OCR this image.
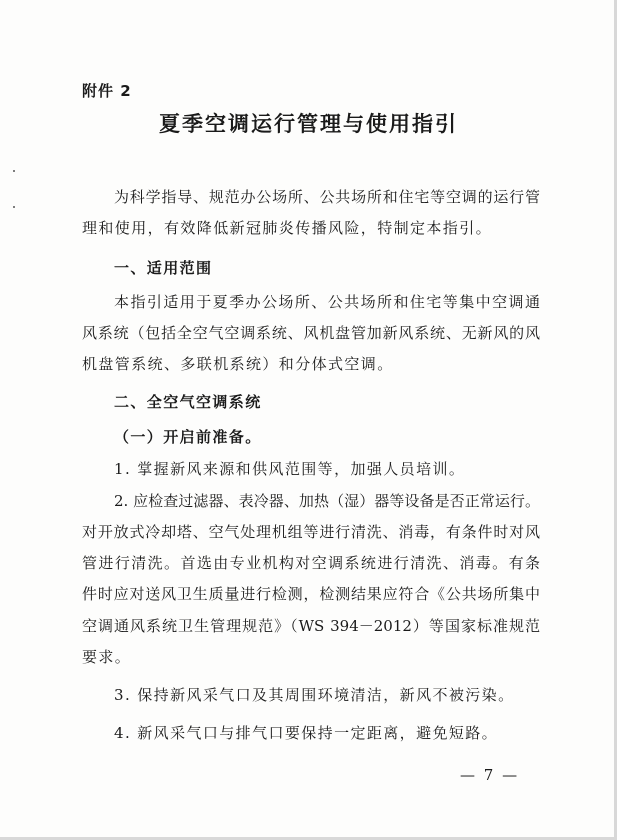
附件 2
夏季空调运行管理与使用指引
为科学指导、规范办公场所、公共场所和住宅等空调的运行管
理和使用，有效降低新冠肺炎传播风险，特制定本指引。
一、适用范围
本指引适用于夏季办公场所、公共场所和住宅等集中空调通
风系统（包括全空气空调系统、风机盘管加新风系统、无新风的风
机盘管系统、多联机系统）和分体式空调。
二、全空气空调系统
（一）开启前准备。
1. 掌握新风来源和供风范围等，加强人员培训。
2. 应检查过滤器、表冷器、加热（湿）器等设备是否正常运行。
对开放式冷却塔、空气处理机组等进行清洗、消毒，有条件时对风
管进行清洗。首选由专业机构对空调系统进行清洗、消毒。有条
件时应对送风卫生质量进行检测，检测结果应符合《公共场所集中
空调通风系统卫生管理规范》（WS 394－2012）等国家标准规范
要求。
3. 保持新风采气口及其周围环境清洁，新风不被污染。
4. 新风采气口与排气口要保持一定距离，避免短路。
— 7 —
